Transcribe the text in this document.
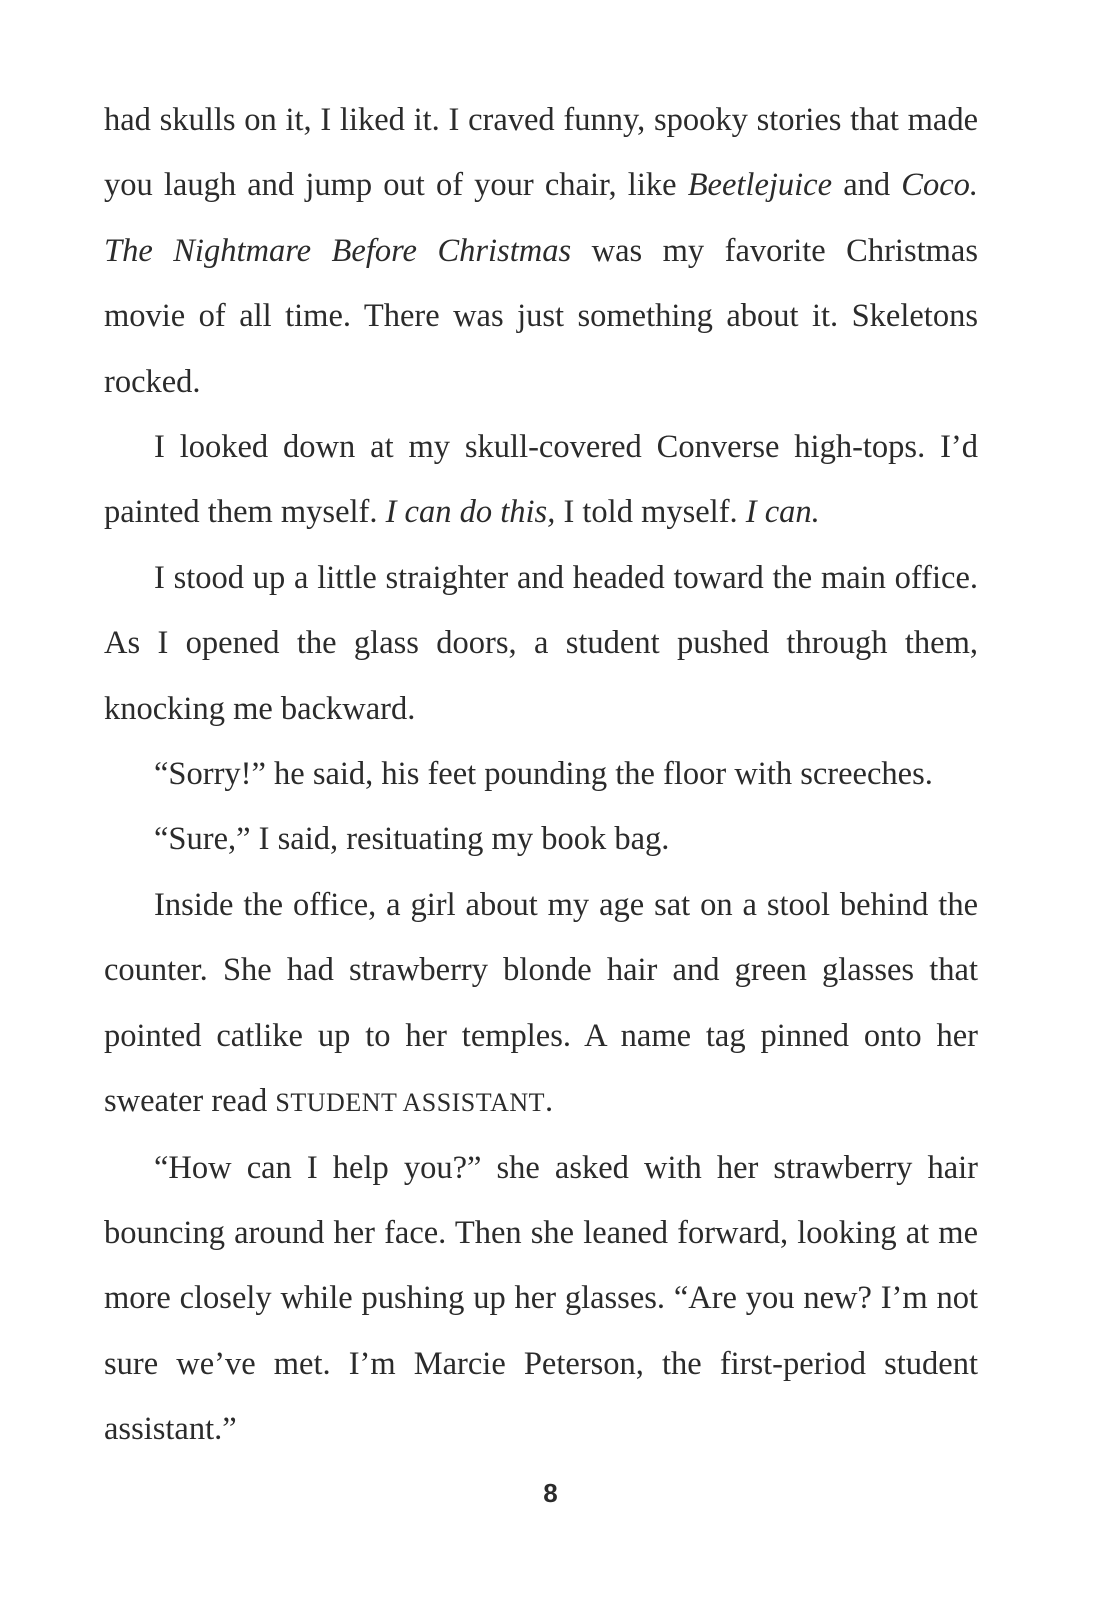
had skulls on it, I liked it. I craved funny, spooky stories that made you laugh and jump out of your chair, like Beetlejuice and Coco. The Nightmare Before Christmas was my favorite Christmas movie of all time. There was just something about it. Skeletons rocked.

I looked down at my skull-covered Converse high-tops. I’d painted them myself. I can do this, I told myself. I can.

I stood up a little straighter and headed toward the main office. As I opened the glass doors, a student pushed through them, knocking me backward.

“Sorry!” he said, his feet pounding the floor with screeches.

“Sure,” I said, resituating my book bag.

Inside the office, a girl about my age sat on a stool behind the counter. She had strawberry blonde hair and green glasses that pointed catlike up to her temples. A name tag pinned onto her sweater read STUDENT ASSISTANT.

“How can I help you?” she asked with her strawberry hair bouncing around her face. Then she leaned forward, looking at me more closely while pushing up her glasses. “Are you new? I’m not sure we’ve met. I’m Marcie Peterson, the first-period student assistant.”

8
